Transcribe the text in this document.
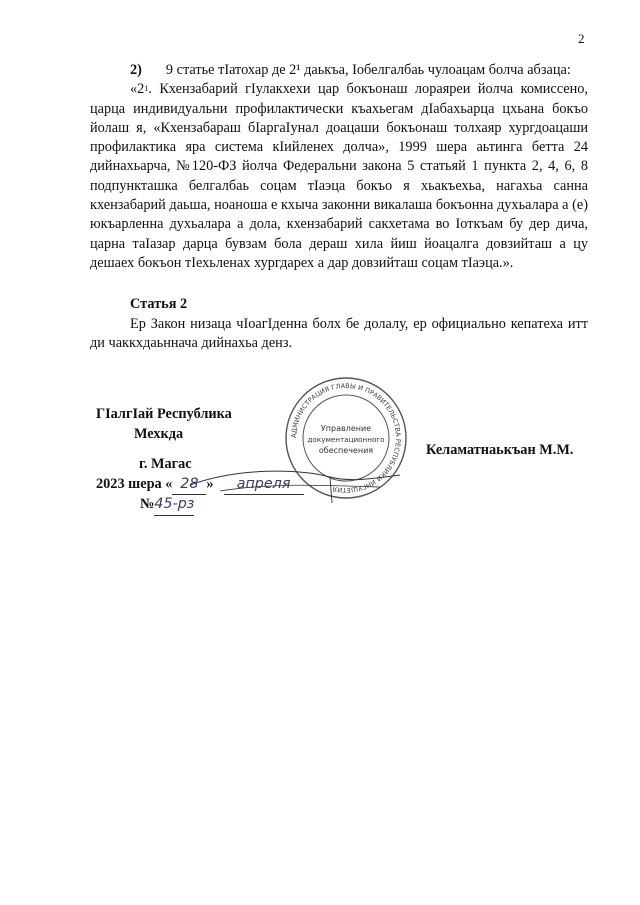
2

2) 9 статье тIатохар де 2¹ даькъа, Iобелгалбаь чулоацам болча абзаца:

«$2^1$. Кхензабарий гIулакхехи цар бокъонаш лораяреи йолча комиссено, царца индивидуальни профилактически къахьегам дIабахьарца цхьана бокъо йолаш я, «Кхензабараш бIаргаIунал доацаши бокъонаш толхаяр хургдоацаши профилактика яра система кIийленех долча», 1999 шера аьтинга бетта 24 дийнахьарча, №120-ФЗ йолча Федеральни закона 5 статьяй 1 пункта 2, 4, 6, 8 подпункташка белгалбаь соцам тIаэца бокъо я хьакъехьа, нагахьа санна кхензабарий даьша, ноаноша е кхыча законни викалаша бокъонна духьалара а (е) юкъарленна духьалара а дола, кхензабарий сакхетама во Iоткъам бу дер дича, царна таIазар дарца бувзам бола дераш хила йиш йоацалга довзийташ а цу дешаех бокъон тIехьленах хургдарех а дар довзийташ соцам тIаэца.».

Статья 2

Ер Закон низаца чIоагIденна болх бе долалу, ер официально кепатеха итт ди чаккхдаьннача дийнахьа денз.

ГIалгIай Республика
Мехкда
г. Магас
2023 шера « 28 » апреля
№45-рз
Келаматнаькъан М.М.
АДМИНИСТРАЦИЯ ГЛАВЫ И ПРАВИТЕЛЬСТВА РЕСПУБЛИКИ ИНГУШЕТИЯ
Управление
документационного
обеспечения
